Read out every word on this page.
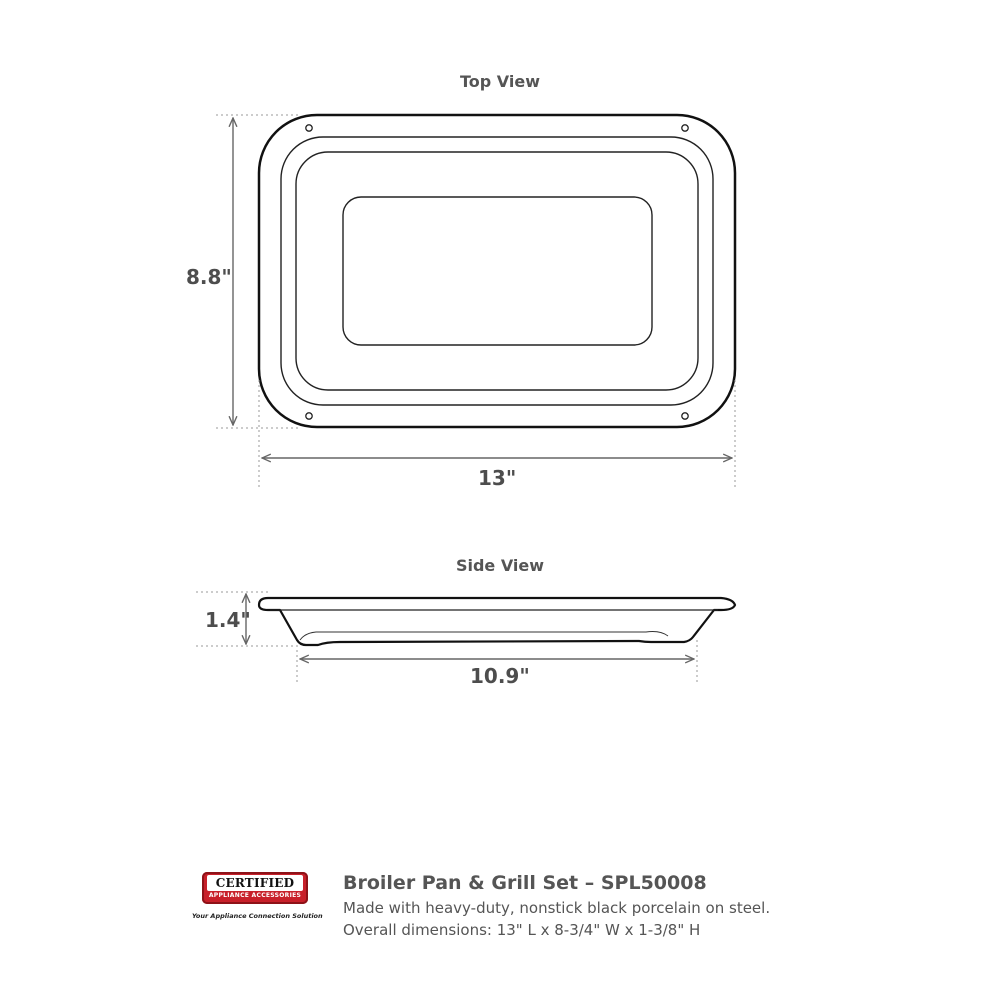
Top View
8.8"
13"
Side View
1.4"
10.9"
CERTIFIED
APPLIANCE ACCESSORIES
Your Appliance Connection Solution
Broiler Pan & Grill Set – SPL50008
Made with heavy-duty, nonstick black porcelain on steel.
Overall dimensions: 13" L x 8-3/4" W x 1-3/8" H
